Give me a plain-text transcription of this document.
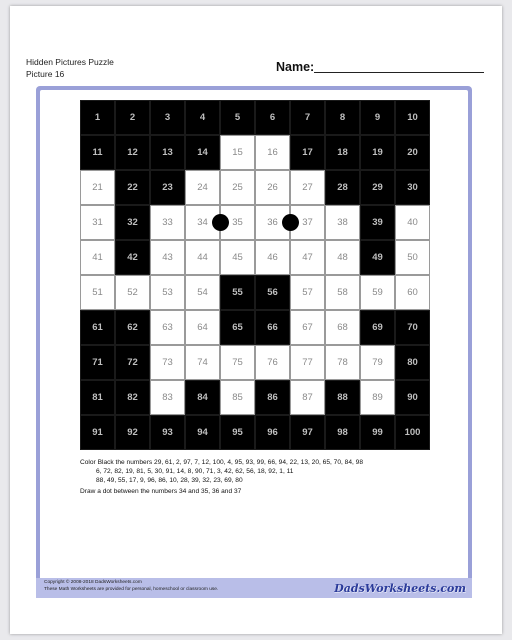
Hidden Pictures Puzzle
Picture 16	Name:
1	2	3	4	5	6	7	8	9	10
11	12	13	14	15	16	17	18	19	20
21	22	23	24	25	26	27	28	29	30
31	32	33	34	35	36	37	38	39	40
41	42	43	44	45	46	47	48	49	50
51	52	53	54	55	56	57	58	59	60
61	62	63	64	65	66	67	68	69	70
71	72	73	74	75	76	77	78	79	80
81	82	83	84	85	86	87	88	89	90
91	92	93	94	95	96	97	98	99	100
Color Black the numbers 29, 61, 2, 97, 7, 12, 100, 4, 95, 93, 99, 66, 94, 22, 13, 20, 65, 70, 84, 98
6, 72, 82, 19, 81, 5, 30, 91, 14, 8, 90, 71, 3, 42, 62, 56, 18, 92, 1, 11
88, 49, 55, 17, 9, 96, 86, 10, 28, 39, 32, 23, 69, 80
Draw a dot between the numbers 34 and 35, 36 and 37
Copyright © 2008-2018 DadsWorksheets.com
These Math Worksheets are provided for personal, homeschool or classroom use.	DadsWorksheets.com
